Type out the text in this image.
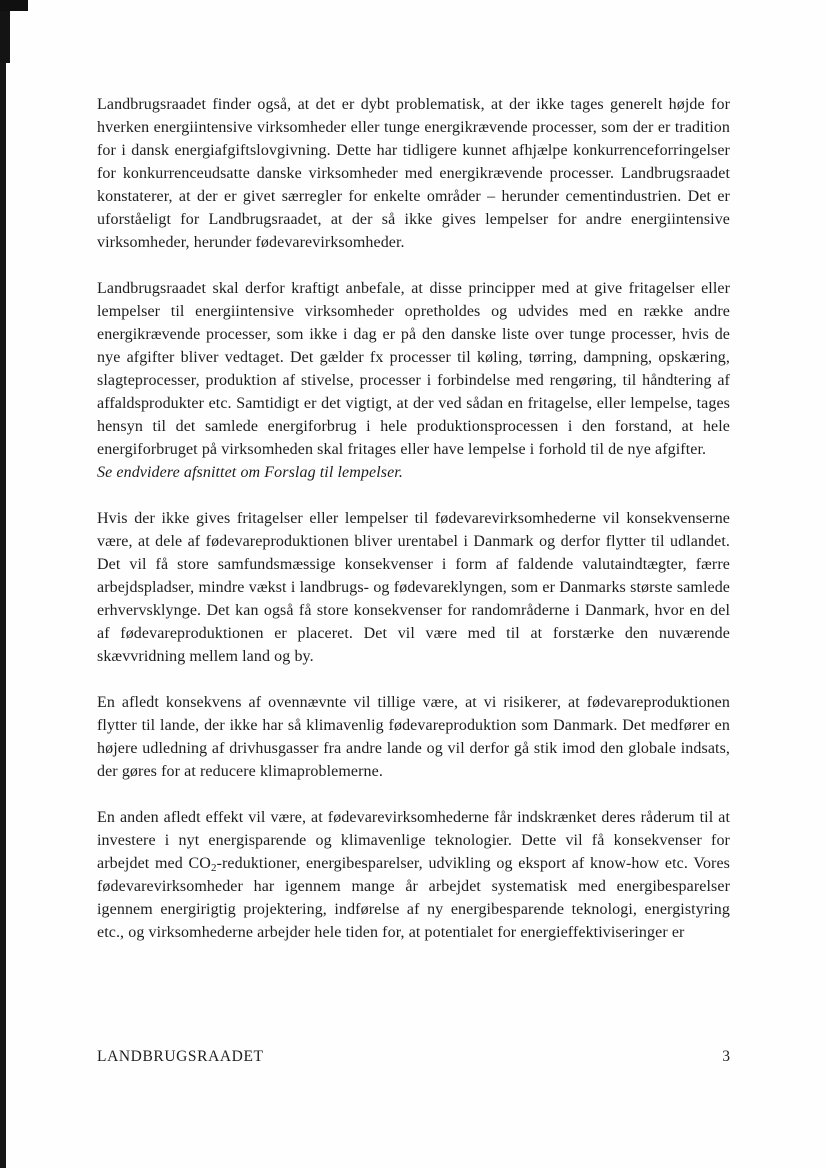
Landbrugsraadet finder også, at det er dybt problematisk, at der ikke tages generelt højde for hverken energiintensive virksomheder eller tunge energikrævende processer, som der er tradition for i dansk energiafgiftslovgivning. Dette har tidligere kunnet afhjælpe konkurrenceforringelser for konkurrenceudsatte danske virksomheder med energikrævende processer. Landbrugsraadet konstaterer, at der er givet særregler for enkelte områder – herunder cementindustrien. Det er uforståeligt for Landbrugsraadet, at der så ikke gives lempelser for andre energiintensive virksomheder, herunder fødevarevirksomheder.

Landbrugsraadet skal derfor kraftigt anbefale, at disse principper med at give fritagelser eller lempelser til energiintensive virksomheder opretholdes og udvides med en række andre energikrævende processer, som ikke i dag er på den danske liste over tunge processer, hvis de nye afgifter bliver vedtaget. Det gælder fx processer til køling, tørring, dampning, opskæring, slagteprocesser, produktion af stivelse, processer i forbindelse med rengøring, til håndtering af affaldsprodukter etc. Samtidigt er det vigtigt, at der ved sådan en fritagelse, eller lempelse, tages hensyn til det samlede energiforbrug i hele produktionsprocessen i den forstand, at hele energiforbruget på virksomheden skal fritages eller have lempelse i forhold til de nye afgifter.
Se endvidere afsnittet om Forslag til lempelser.

Hvis der ikke gives fritagelser eller lempelser til fødevarevirksomhederne vil konsekvenserne være, at dele af fødevareproduktionen bliver urentabel i Danmark og derfor flytter til udlandet. Det vil få store samfundsmæssige konsekvenser i form af faldende valutaindtægter, færre arbejdspladser, mindre vækst i landbrugs- og fødevareklyngen, som er Danmarks største samlede erhvervsklynge. Det kan også få store konsekvenser for randområderne i Danmark, hvor en del af fødevareproduktionen er placeret. Det vil være med til at forstærke den nuværende skævvridning mellem land og by.

En afledt konsekvens af ovennævnte vil tillige være, at vi risikerer, at fødevareproduktionen flytter til lande, der ikke har så klimavenlig fødevareproduktion som Danmark. Det medfører en højere udledning af drivhusgasser fra andre lande og vil derfor gå stik imod den globale indsats, der gøres for at reducere klimaproblemerne.

En anden afledt effekt vil være, at fødevarevirksomhederne får indskrænket deres råderum til at investere i nyt energisparende og klimavenlige teknologier. Dette vil få konsekvenser for arbejdet med $CO_2$-reduktioner, energibesparelser, udvikling og eksport af know-how etc. Vores fødevarevirksomheder har igennem mange år arbejdet systematisk med energibesparelser igennem energirigtig projektering, indførelse af ny energibesparende teknologi, energistyring etc., og virksomhederne arbejder hele tiden for, at potentialet for energieffektiviseringer er

LANDBRUGSRAADET	3
